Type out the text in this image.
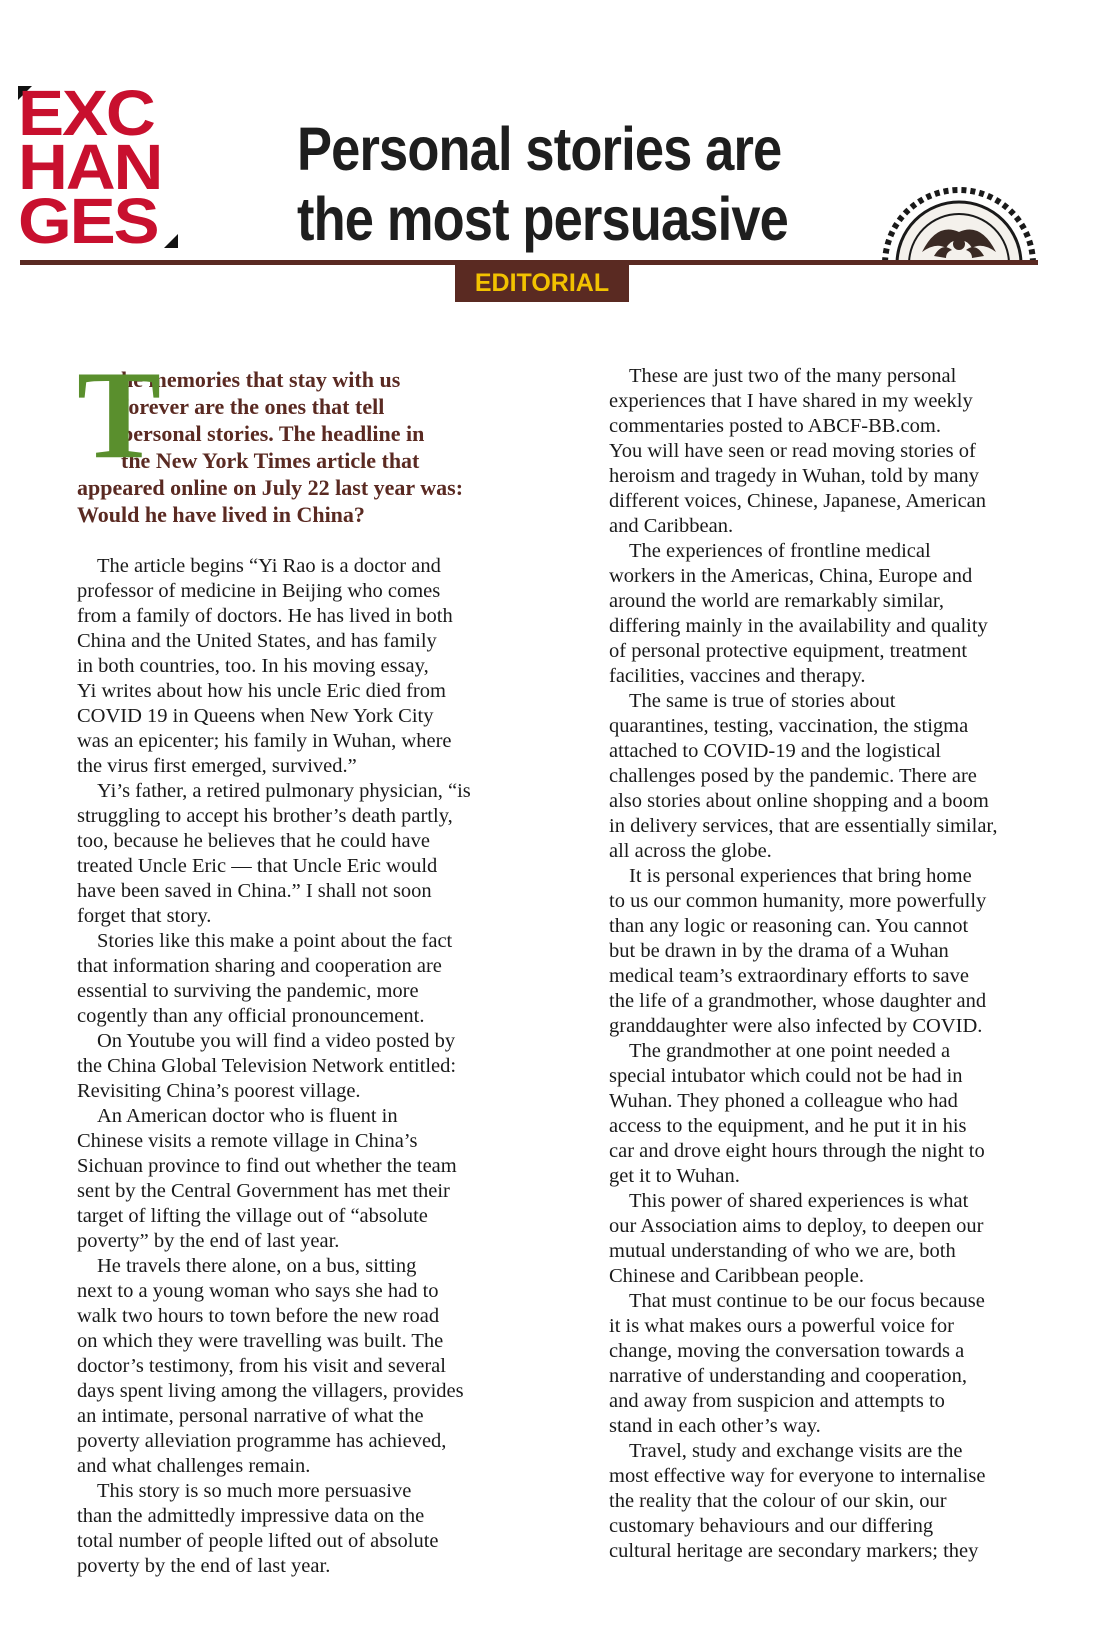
EXC
HAN
GES
Personal stories are
the most persuasive
EDITORIAL
T
he memories that stay with us
forever are the ones that tell
personal stories. The headline in
the New York Times article that
appeared online on July 22 last year was:
Would he have lived in China?
The article begins “Yi Rao is a doctor and
professor of medicine in Beijing who comes
from a family of doctors. He has lived in both
China and the United States, and has family
in both countries, too. In his moving essay,
Yi writes about how his uncle Eric died from
COVID 19 in Queens when New York City
was an epicenter; his family in Wuhan, where
the virus first emerged, survived.”
Yi’s father, a retired pulmonary physician, “is
struggling to accept his brother’s death partly,
too, because he believes that he could have
treated Uncle Eric — that Uncle Eric would
have been saved in China.” I shall not soon
forget that story.
Stories like this make a point about the fact
that information sharing and cooperation are
essential to surviving the pandemic, more
cogently than any official pronouncement.
On Youtube you will find a video posted by
the China Global Television Network entitled:
Revisiting China’s poorest village.
An American doctor who is fluent in
Chinese visits a remote village in China’s
Sichuan province to find out whether the team
sent by the Central Government has met their
target of lifting the village out of “absolute
poverty” by the end of last year.
He travels there alone, on a bus, sitting
next to a young woman who says she had to
walk two hours to town before the new road
on which they were travelling was built. The
doctor’s testimony, from his visit and several
days spent living among the villagers, provides
an intimate, personal narrative of what the
poverty alleviation programme has achieved,
and what challenges remain.
This story is so much more persuasive
than the admittedly impressive data on the
total number of people lifted out of absolute
poverty by the end of last year.
These are just two of the many personal
experiences that I have shared in my weekly
commentaries posted to ABCF-BB.com.
You will have seen or read moving stories of
heroism and tragedy in Wuhan, told by many
different voices, Chinese, Japanese, American
and Caribbean.
The experiences of frontline medical
workers in the Americas, China, Europe and
around the world are remarkably similar,
differing mainly in the availability and quality
of personal protective equipment, treatment
facilities, vaccines and therapy.
The same is true of stories about
quarantines, testing, vaccination, the stigma
attached to COVID-19 and the logistical
challenges posed by the pandemic. There are
also stories about online shopping and a boom
in delivery services, that are essentially similar,
all across the globe.
It is personal experiences that bring home
to us our common humanity, more powerfully
than any logic or reasoning can. You cannot
but be drawn in by the drama of a Wuhan
medical team’s extraordinary efforts to save
the life of a grandmother, whose daughter and
granddaughter were also infected by COVID.
The grandmother at one point needed a
special intubator which could not be had in
Wuhan. They phoned a colleague who had
access to the equipment, and he put it in his
car and drove eight hours through the night to
get it to Wuhan.
This power of shared experiences is what
our Association aims to deploy, to deepen our
mutual understanding of who we are, both
Chinese and Caribbean people.
That must continue to be our focus because
it is what makes ours a powerful voice for
change, moving the conversation towards a
narrative of understanding and cooperation,
and away from suspicion and attempts to
stand in each other’s way.
Travel, study and exchange visits are the
most effective way for everyone to internalise
the reality that the colour of our skin, our
customary behaviours and our differing
cultural heritage are secondary markers; they
